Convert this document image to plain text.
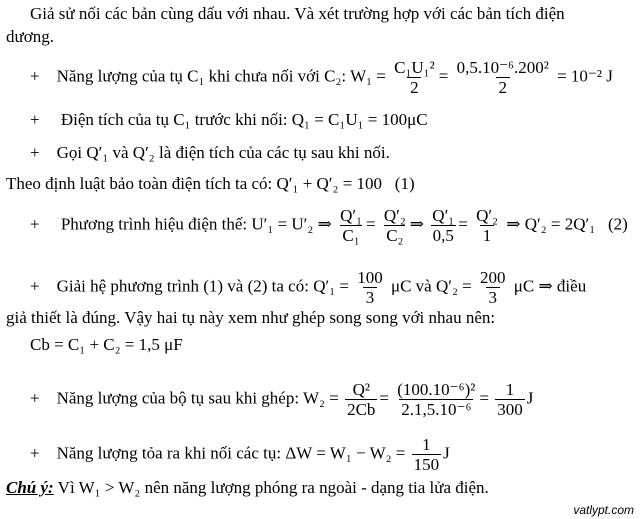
Giả sử nối các bản cùng dấu với nhau. Và xét trường hợp với các bản tích điện
dương.
+ Năng lượng của tụ C₁ khi chưa nối với C₂: $W_1 = \frac{\text{C₁U₁²}}{2} = \frac{\text{0,5.10⁻⁶.200²}}{2} = 10^{-2}$ J
+ Điện tích của tụ C₁ trước khi nối: Q₁ = C₁U₁ = 100μC
+ Gọi Q′₁ và Q′₂ là điện tích của các tụ sau khi nối.
Theo định luật bảo toàn điện tích ta có: Q′₁ + Q′₂ = 100 (1)
+ Phương trình hiệu điện thế: U′₁ = U′₂ ⇒ $\frac{\text{Q′₁}}{\text{C₁}} = \frac{\text{Q′₂}}{\text{C₂}}$ ⇒ $\frac{\text{Q′₁}}{0,5} = \frac{\text{Q′₂}}{1}$ ⇒ Q′₂ = 2Q′₁ (2)
+ Giải hệ phương trình (1) và (2) ta có: $Q'_1 = \frac{100}{3}$ μC và $Q'_2 = \frac{200}{3}$ μC ⇒ điều
giả thiết là đúng. Vậy hai tụ này xem như ghép song song với nhau nên:
Cb = C₁ + C₂ = 1,5 μF
+ Năng lượng của bộ tụ sau khi ghép: $W_2 = \frac{\text{Q²}}{2Cb} = \frac{\text{(100.10⁻⁶)²}}{\text{2.1,5.10⁻⁶}} = \frac{1}{300}$ J
+ Năng lượng tỏa ra khi nối các tụ: $\Delta W = W_1 - W_2 = \frac{1}{150}$ J
Chú ý: Vì W₁ > W₂ nên năng lượng phóng ra ngoài - dạng tia lửa điện.
vatlypt.com
